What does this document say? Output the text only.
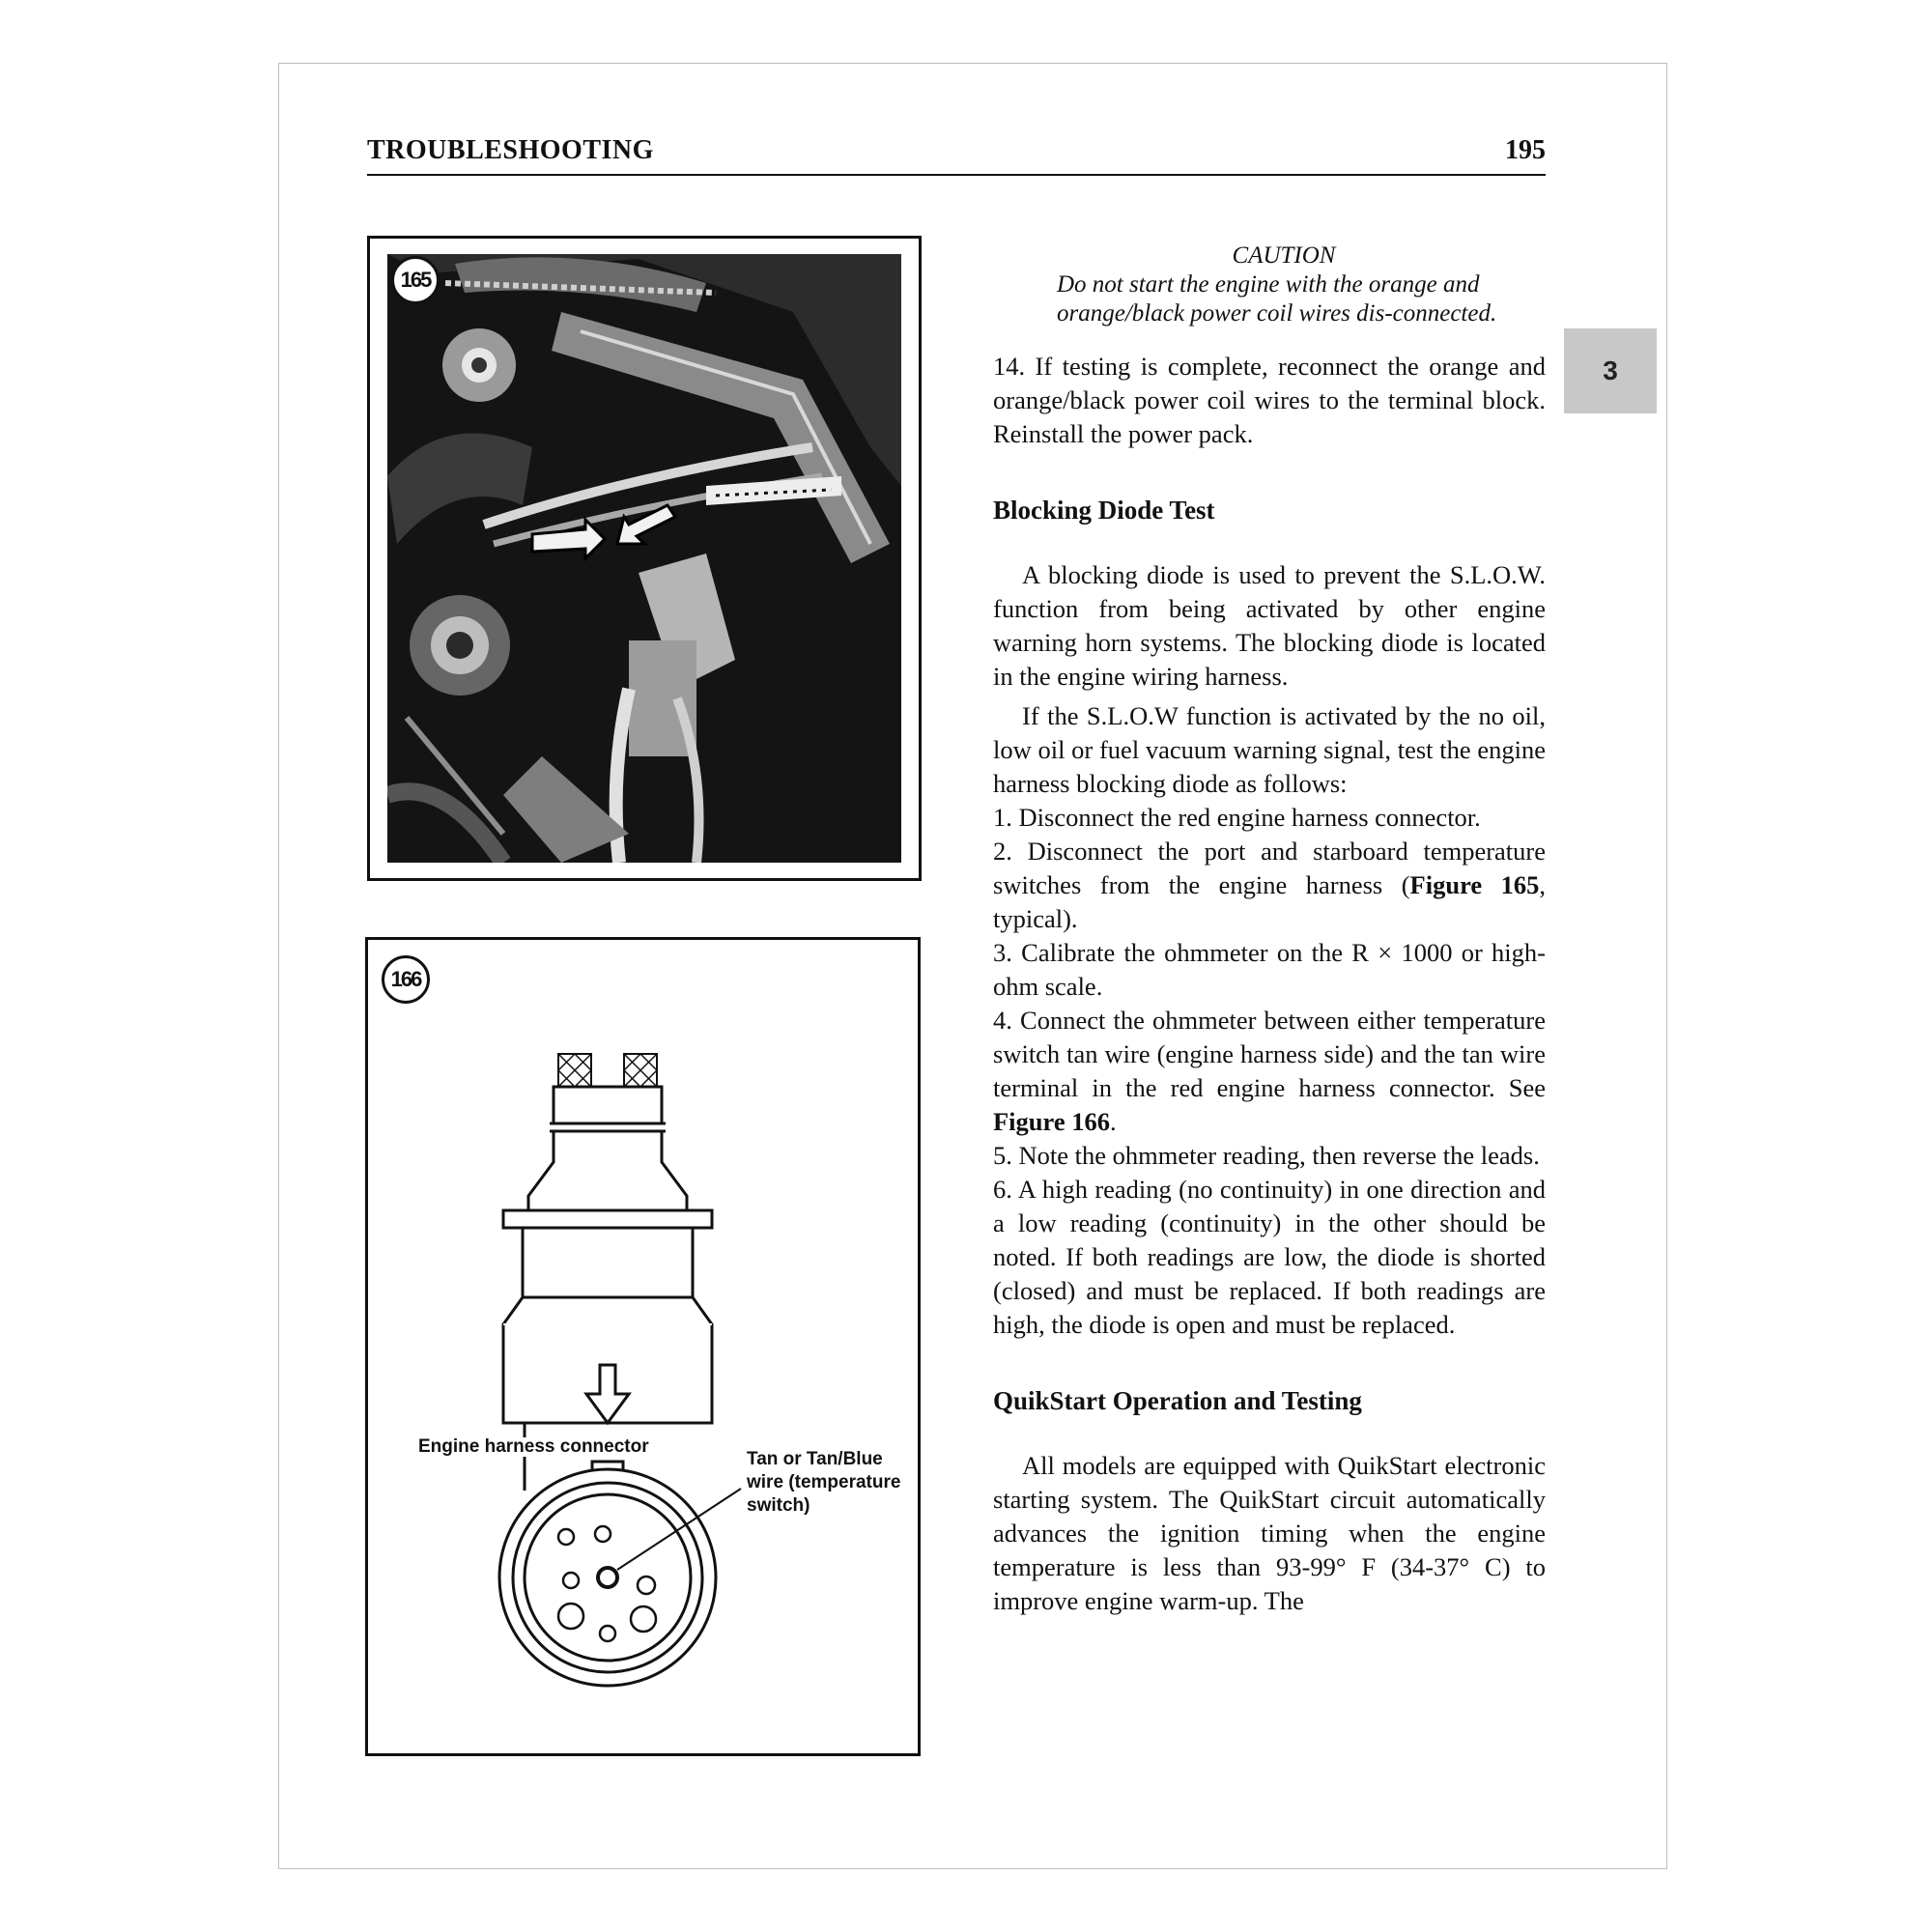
TROUBLESHOOTING	195
3
165
166
Engine harness connector
Tan or Tan/Blue wire (temperature switch)
CAUTION
Do not start the engine with the orange and orange/black power coil wires dis-connected.

14. If testing is complete, reconnect the orange and orange/black power coil wires to the terminal block. Reinstall the power pack.

Blocking Diode Test

A blocking diode is used to prevent the S.L.O.W. function from being activated by other engine warning horn systems. The blocking diode is located in the engine wiring harness.

If the S.L.O.W function is activated by the no oil, low oil or fuel vacuum warning signal, test the engine harness blocking diode as follows:

1. Disconnect the red engine harness connector.

2. Disconnect the port and starboard temperature switches from the engine harness (Figure 165, typical).

3. Calibrate the ohmmeter on the R × 1000 or high-ohm scale.

4. Connect the ohmmeter between either temperature switch tan wire (engine harness side) and the tan wire terminal in the red engine harness connector. See Figure 166.

5. Note the ohmmeter reading, then reverse the leads.

6. A high reading (no continuity) in one direction and a low reading (continuity) in the other should be noted. If both readings are low, the diode is shorted (closed) and must be replaced. If both readings are high, the diode is open and must be replaced.

QuikStart Operation and Testing

All models are equipped with QuikStart electronic starting system. The QuikStart circuit automatically advances the ignition timing when the engine temperature is less than 93-99° F (34-37° C) to improve engine warm-up. The
